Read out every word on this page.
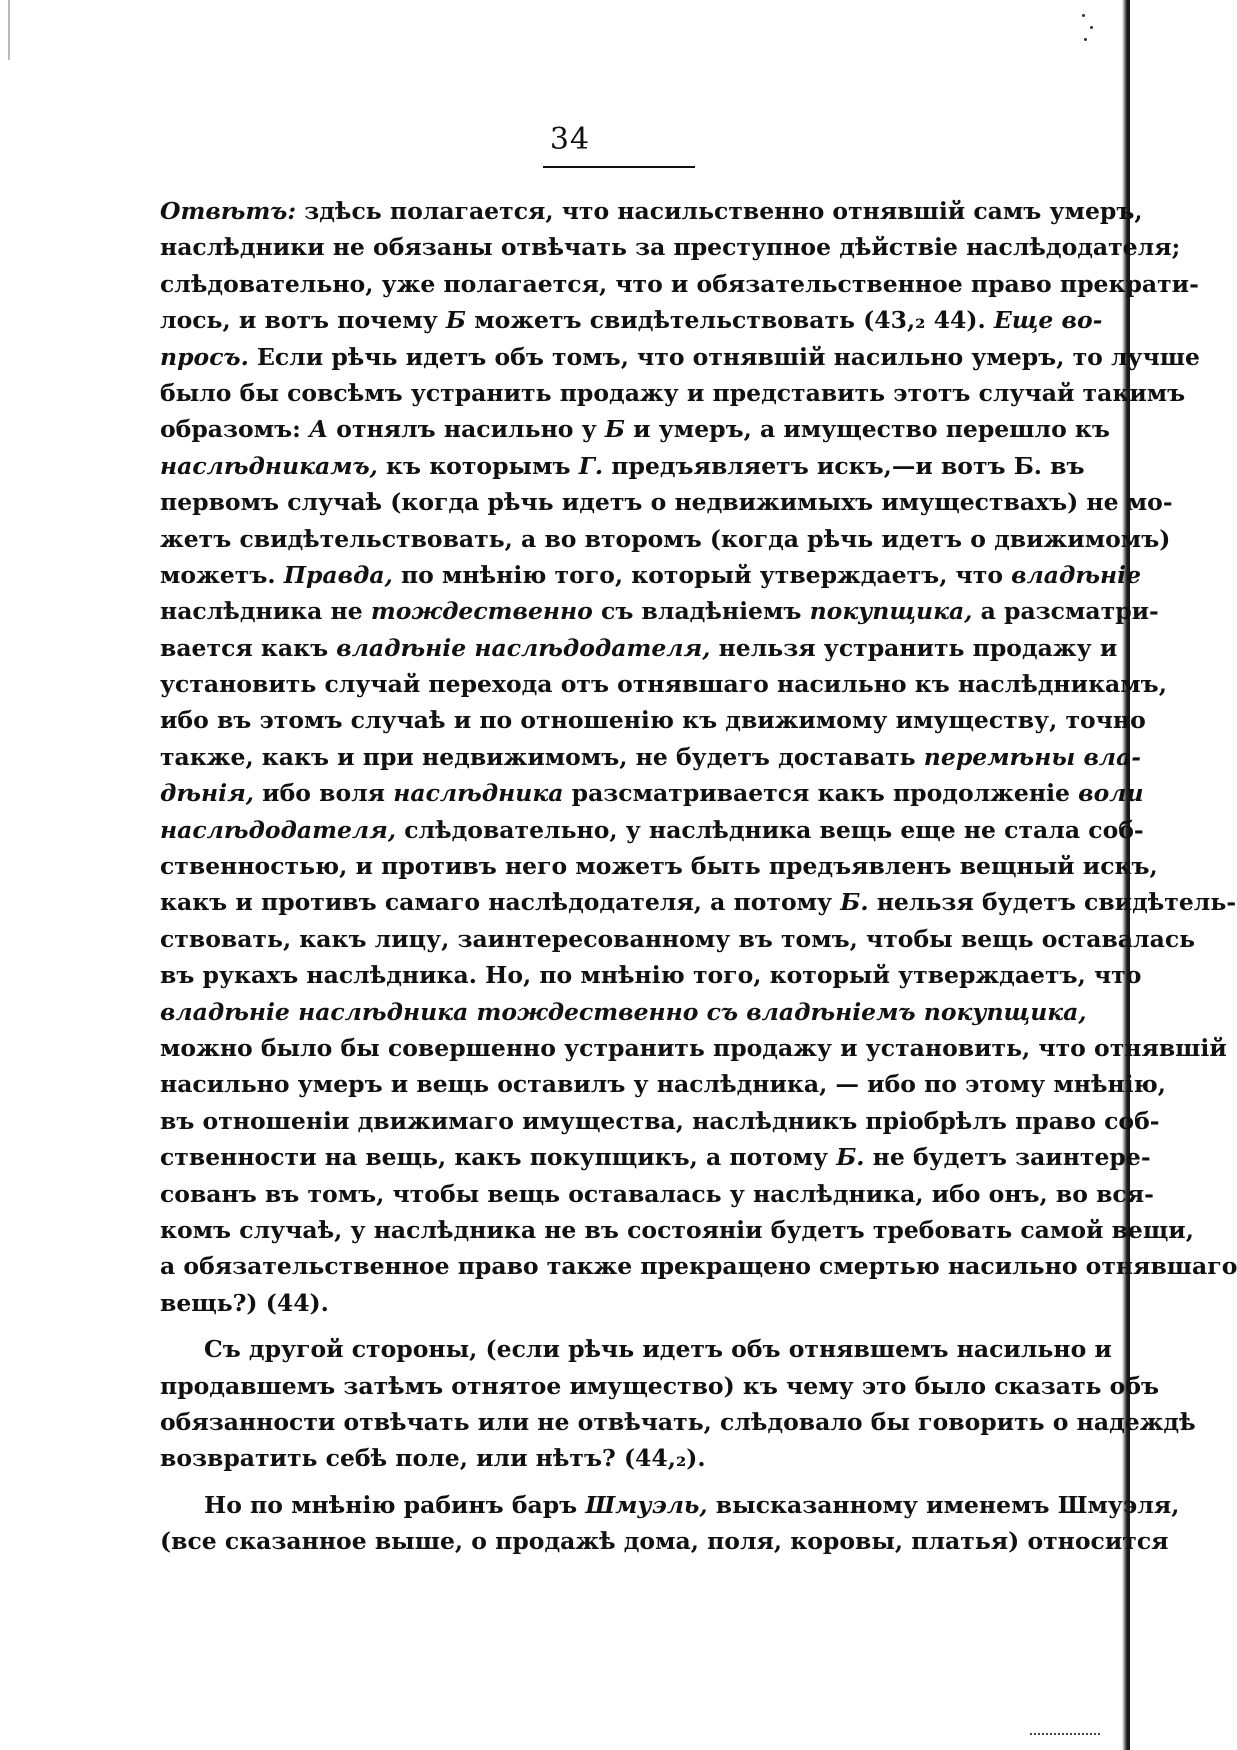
34
Отвѣтъ: здѣсь полагается, что насильственно отнявшій самъ умеръ,
наслѣдники не обязаны отвѣчать за преступное дѣйствіе наслѣдодателя;
слѣдовательно, уже полагается, что и обязательственное право прекрати-
лось, и вотъ почему Б можетъ свидѣтельствовать (43,₂ 44). Еще во-
просъ. Если рѣчь идетъ объ томъ, что отнявшій насильно умеръ, то лучше
было бы совсѣмъ устранить продажу и представить этотъ случай такимъ
образомъ: А отнялъ насильно у Б и умеръ, а имущество перешло къ
наслѣдникамъ, къ которымъ Г. предъявляетъ искъ,—и вотъ Б. въ
первомъ случаѣ (когда рѣчь идетъ о недвижимыхъ имуществахъ) не мо-
жетъ свидѣтельствовать, а во второмъ (когда рѣчь идетъ о движимомъ)
можетъ. Правда, по мнѣнію того, который утверждаетъ, что владѣніе
наслѣдника не тождественно съ владѣніемъ покупщика, а разсматри-
вается какъ владѣніе наслѣдодателя, нельзя устранить продажу и
установить случай перехода отъ отнявшаго насильно къ наслѣдникамъ,
ибо въ этомъ случаѣ и по отношенію къ движимому имуществу, точно
также, какъ и при недвижимомъ, не будетъ доставать перемѣны вла-
дѣнія, ибо воля наслѣдника разсматривается какъ продолженіе воли
наслѣдодателя, слѣдовательно, у наслѣдника вещь еще не стала соб-
ственностью, и противъ него можетъ быть предъявленъ вещный искъ,
какъ и противъ самаго наслѣдодателя, а потому Б. нельзя будетъ свидѣтель-
ствовать, какъ лицу, заинтересованному въ томъ, чтобы вещь оставалась
въ рукахъ наслѣдника. Но, по мнѣнію того, который утверждаетъ, что
владѣніе наслѣдника тождественно съ владѣніемъ покупщика,
можно было бы совершенно устранить продажу и установить, что отнявшій
насильно умеръ и вещь оставилъ у наслѣдника, — ибо по этому мнѣнію,
въ отношеніи движимаго имущества, наслѣдникъ пріобрѣлъ право соб-
ственности на вещь, какъ покупщикъ, а потому Б. не будетъ заинтере-
сованъ въ томъ, чтобы вещь оставалась у наслѣдника, ибо онъ, во вся-
комъ случаѣ, у наслѣдника не въ состояніи будетъ требовать самой вещи,
а обязательственное право также прекращено смертью насильно отнявшаго
вещь?) (44).
Съ другой стороны, (если рѣчь идетъ объ отнявшемъ насильно и
продавшемъ затѣмъ отнятое имущество) къ чему это было сказать объ
обязанности отвѣчать или не отвѣчать, слѣдовало бы говорить о надеждѣ
возвратить себѣ поле, или нѣтъ? (44,₂).
Но по мнѣнію рабинъ баръ Шмуэль, высказанному именемъ Шмуэля,
(все сказанное выше, о продажѣ дома, поля, коровы, платья) относится
